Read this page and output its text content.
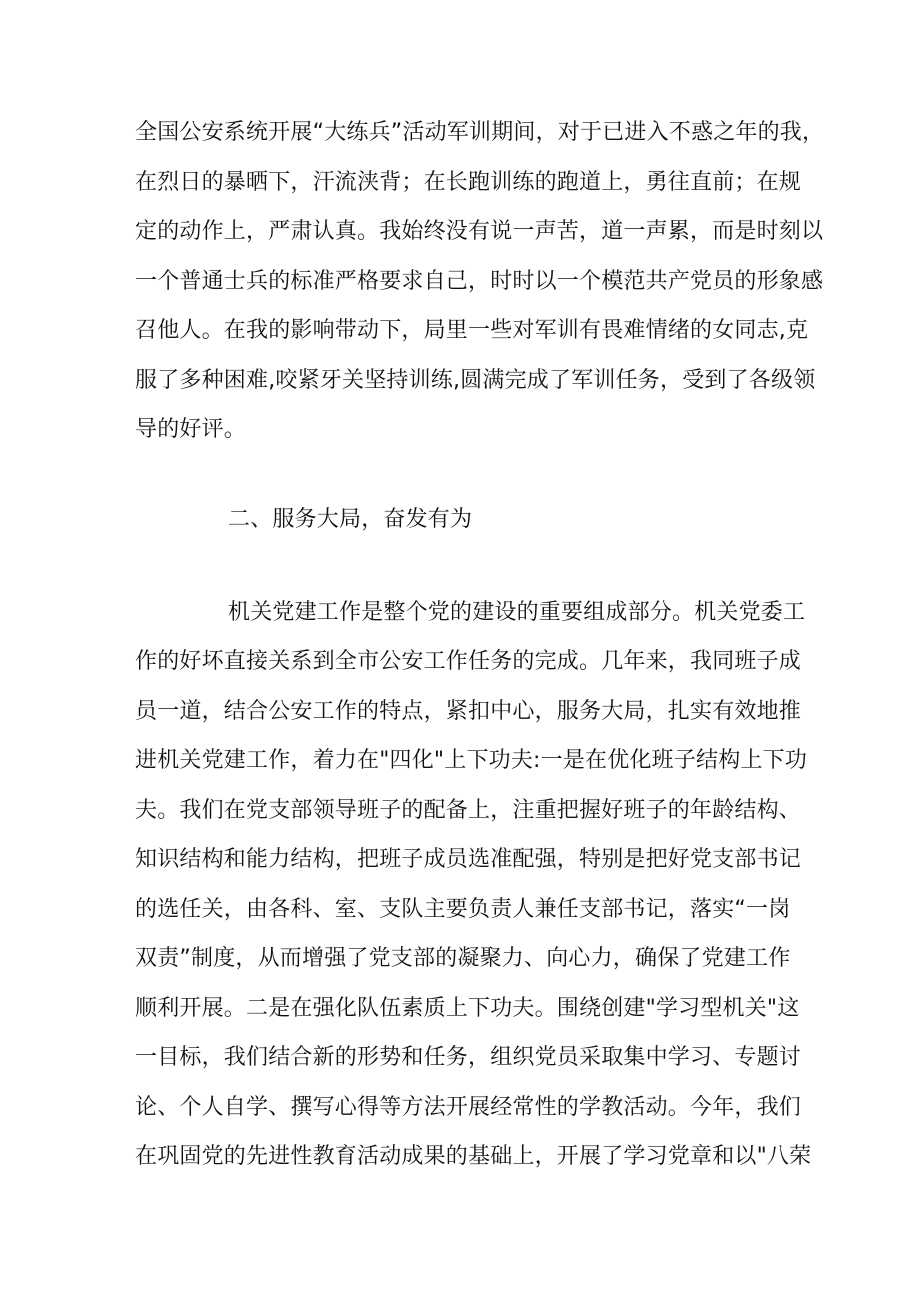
全国公安系统开展“大练兵”活动军训期间，对于已进入不惑之年的我，
在烈日的暴晒下，汗流浃背；在长跑训练的跑道上，勇往直前；在规
定的动作上，严肃认真。我始终没有说一声苦，道一声累，而是时刻以
一个普通士兵的标准严格要求自己，时时以一个模范共产党员的形象感
召他人。在我的影响带动下，局里一些对军训有畏难情绪的女同志,克
服了多种困难,咬紧牙关坚持训练,圆满完成了军训任务，受到了各级领
导的好评。
二、服务大局，奋发有为
机关党建工作是整个党的建设的重要组成部分。机关党委工
作的好坏直接关系到全市公安工作任务的完成。几年来，我同班子成
员一道，结合公安工作的特点，紧扣中心，服务大局，扎实有效地推
进机关党建工作，着力在"四化"上下功夫:一是在优化班子结构上下功
夫。我们在党支部领导班子的配备上，注重把握好班子的年龄结构、
知识结构和能力结构，把班子成员选准配强，特别是把好党支部书记
的选任关，由各科、室、支队主要负责人兼任支部书记，落实“一岗
双责”制度，从而增强了党支部的凝聚力、向心力，确保了党建工作
顺利开展。二是在强化队伍素质上下功夫。围绕创建"学习型机关"这
一目标，我们结合新的形势和任务，组织党员采取集中学习、专题讨
论、个人自学、撰写心得等方法开展经常性的学教活动。今年，我们
在巩固党的先进性教育活动成果的基础上，开展了学习党章和以"八荣
